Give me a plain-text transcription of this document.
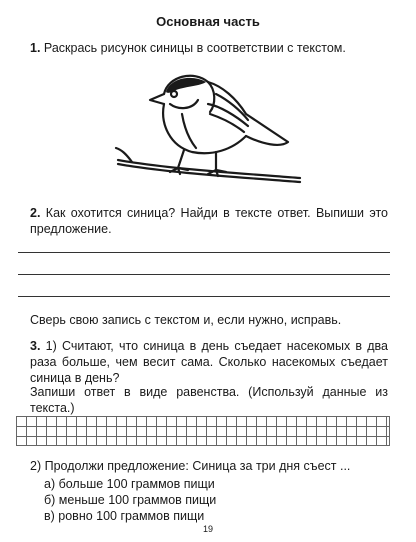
Основная часть
1. Раскрась рисунок синицы в соответствии с текстом.
2. Как охотится синица? Найди в тексте ответ. Выпиши это предложение.
Сверь свою запись с текстом и, если нужно, исправь.
3. 1) Считают, что синица в день съедает насекомых в два раза больше, чем весит сама. Сколько насекомых съедает синица в день?
Запиши ответ в виде равенства. (Используй данные из текста.)
2) Продолжи предложение: Синица за три дня съест ...
а) больше 100 граммов пищи
б) меньше 100 граммов пищи
в) ровно 100 граммов пищи
19
